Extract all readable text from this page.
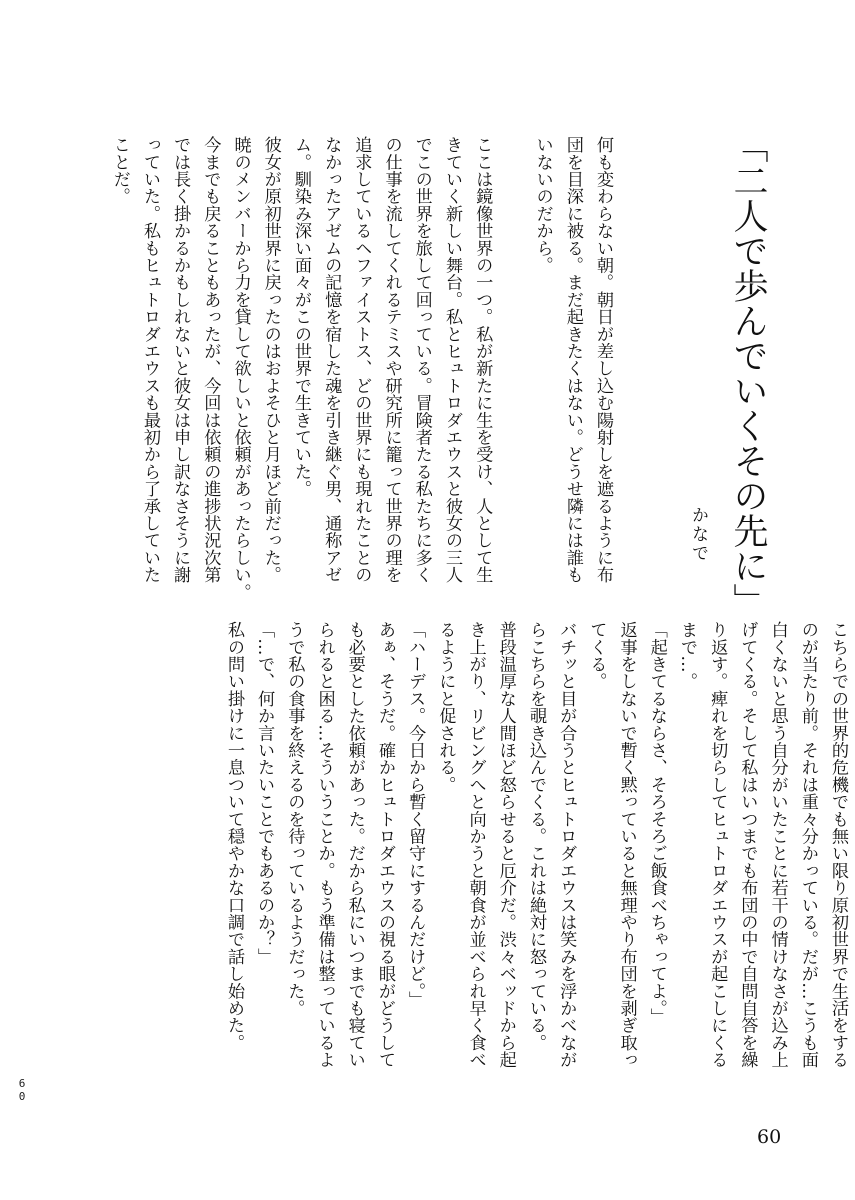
「二人で歩んでいくその先に」
かなで
何も変わらない朝。朝日が差し込む陽射しを遮るように布
団を目深に被る。まだ起きたくはない。どうせ隣には誰も
いないのだから。

ここは鏡像世界の一つ。私が新たに生を受け、人として生
きていく新しい舞台。私とヒュトロダエウスと彼女の三人
でこの世界を旅して回っている。冒険者たる私たちに多く
の仕事を流してくれるテミスや研究所に籠って世界の理を
追求しているヘファイストス、どの世界にも現れたことの
なかったアゼムの記憶を宿した魂を引き継ぐ男、通称アゼ
ム。馴染み深い面々がこの世界で生きていた。
彼女が原初世界に戻ったのはおよそひと月ほど前だった。
暁のメンバーから力を貸して欲しいと依頼があったらしい。
今までも戻ることもあったが、今回は依頼の進捗状況次第
では長く掛かるかもしれないと彼女は申し訳なさそうに謝
っていた。私もヒュトロダエウスも最初から了承していた
ことだ。
こちらでの世界的危機でも無い限り原初世界で生活をする
のが当たり前。それは重々分かっている。だが…こうも面
白くないと思う自分がいたことに若干の情けなさが込み上
げてくる。そして私はいつまでも布団の中で自問自答を繰
り返す。痺れを切らしてヒュトロダエウスが起こしにくる
まで…。
「起きてるならさ、そろそろご飯食べちゃってよ。」
返事をしないで暫く黙っていると無理やり布団を剥ぎ取っ
てくる。
バチッと目が合うとヒュトロダエウスは笑みを浮かべなが
らこちらを覗き込んでくる。これは絶対に怒っている。
普段温厚な人間ほど怒らせると厄介だ。渋々ベッドから起
き上がり、リビングへと向かうと朝食が並べられ早く食べ
るようにと促される。
「ハーデス。今日から暫く留守にするんだけど。」
あぁ、そうだ。確かヒュトロダエウスの視る眼がどうして
も必要とした依頼があった。だから私にいつまでも寝てい
られると困る…そういうことか。もう準備は整っているよ
うで私の食事を終えるのを待っているようだった。
「…で、何か言いたいことでもあるのか？」
私の問い掛けに一息ついて穏やかな口調で話し始めた。
6
0
60
